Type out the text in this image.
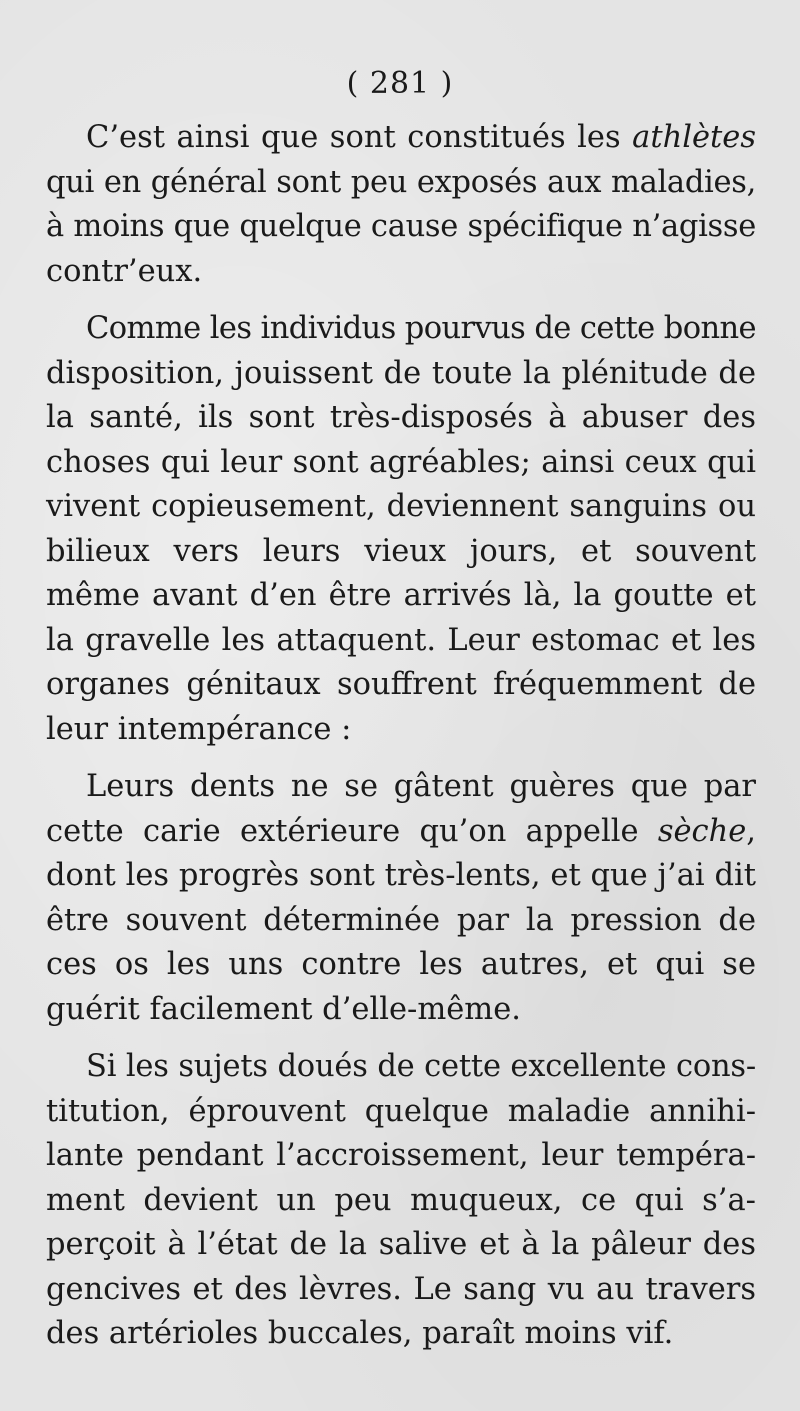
( 281 )

C’est ainsi que sont constitués les athlètes
qui en général sont peu exposés aux maladies,
à moins que quelque cause spécifique n’agisse
contr’eux.

Comme les individus pourvus de cette bonne
disposition, jouissent de toute la plénitude de
la santé, ils sont très-disposés à abuser des
choses qui leur sont agréables; ainsi ceux qui
vivent copieusement, deviennent sanguins ou
bilieux vers leurs vieux jours, et souvent
même avant d’en être arrivés là, la goutte et
la gravelle les attaquent. Leur estomac et les
organes génitaux souffrent fréquemment de
leur intempérance :

Leurs dents ne se gâtent guères que par
cette carie extérieure qu’on appelle sèche,
dont les progrès sont très-lents, et que j’ai dit
être souvent déterminée par la pression de
ces os les uns contre les autres, et qui se
guérit facilement d’elle-même.

Si les sujets doués de cette excellente cons-
titution, éprouvent quelque maladie annihi-
lante pendant l’accroissement, leur tempéra-
ment devient un peu muqueux, ce qui s’a-
perçoit à l’état de la salive et à la pâleur des
gencives et des lèvres. Le sang vu au travers
des artérioles buccales, paraît moins vif.
